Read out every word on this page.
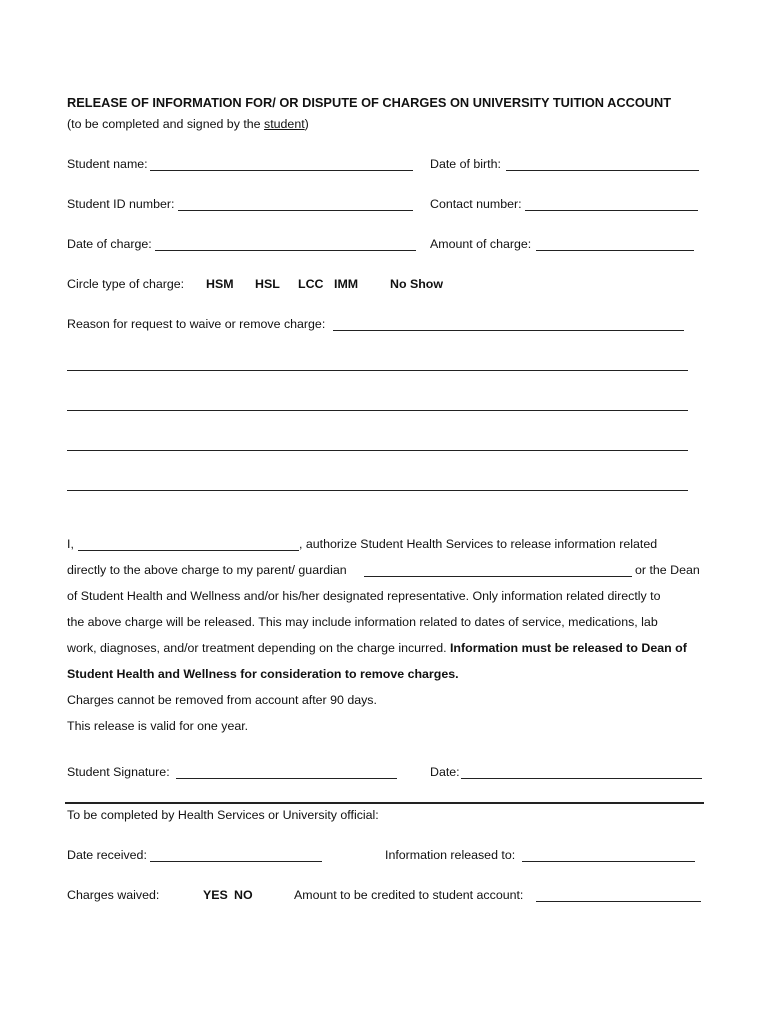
RELEASE OF INFORMATION FOR/ OR DISPUTE OF CHARGES ON UNIVERSITY TUITION ACCOUNT
(to be completed and signed by the student)
Student name:	Date of birth:
Student ID number:	Contact number:
Date of charge:	Amount of charge:
Circle type of charge: HSM HSL LCC IMM	No Show
Reason for request to waive or remove charge:
I,	, authorize Student Health Services to release information related
directly to the above charge to my parent/ guardian	or the Dean
of Student Health and Wellness and/or his/her designated representative. Only information related directly to
the above charge will be released. This may include information related to dates of service, medications, lab
work, diagnoses, and/or treatment depending on the charge incurred. Information must be released to Dean of
Student Health and Wellness for consideration to remove charges.
Charges cannot be removed from account after 90 days.
This release is valid for one year.
Student Signature:	Date:
To be completed by Health Services or University official:
Date received:	Information released to:
Charges waived:	YES NO	Amount to be credited to student account:
